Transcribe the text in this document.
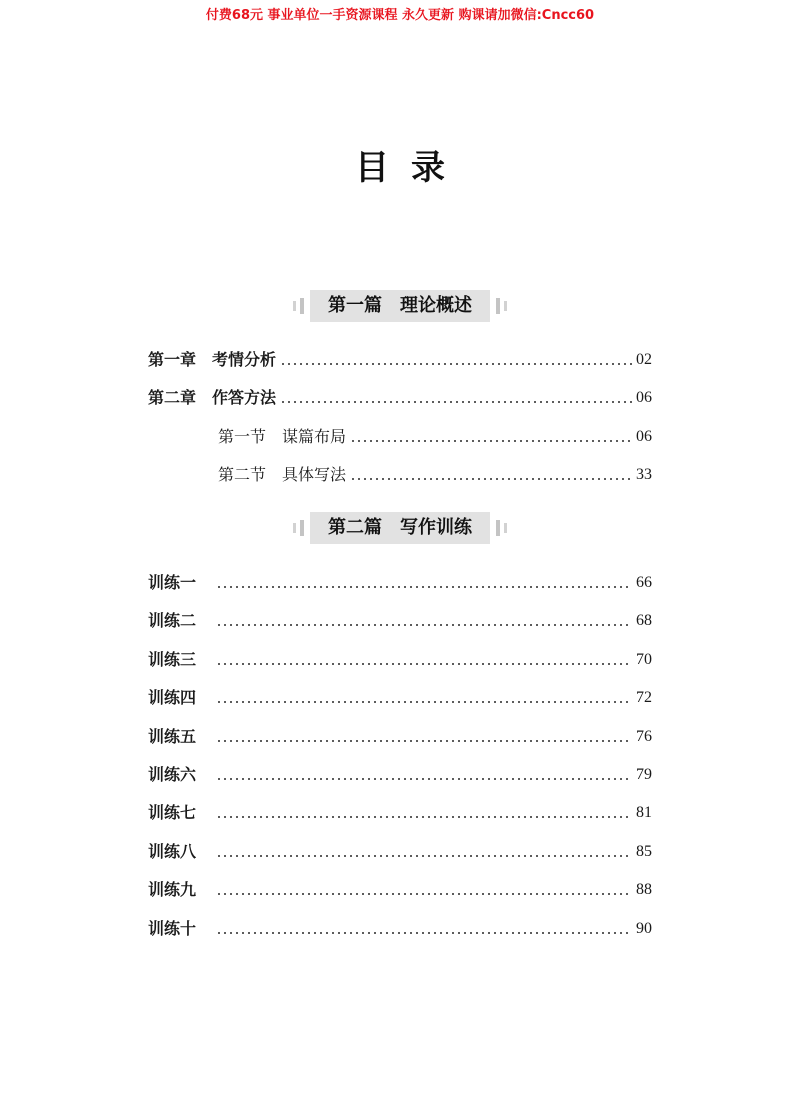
付费68元 事业单位一手资源课程 永久更新 购课请加微信:Cncc60
目录
第一篇　理论概述
第一章 考情分析	02
第二章 作答方法	06
第一节 谋篇布局	06
第二节 具体写法	33
第二篇　写作训练
训练一	66
训练二	68
训练三	70
训练四	72
训练五	76
训练六	79
训练七	81
训练八	85
训练九	88
训练十	90
